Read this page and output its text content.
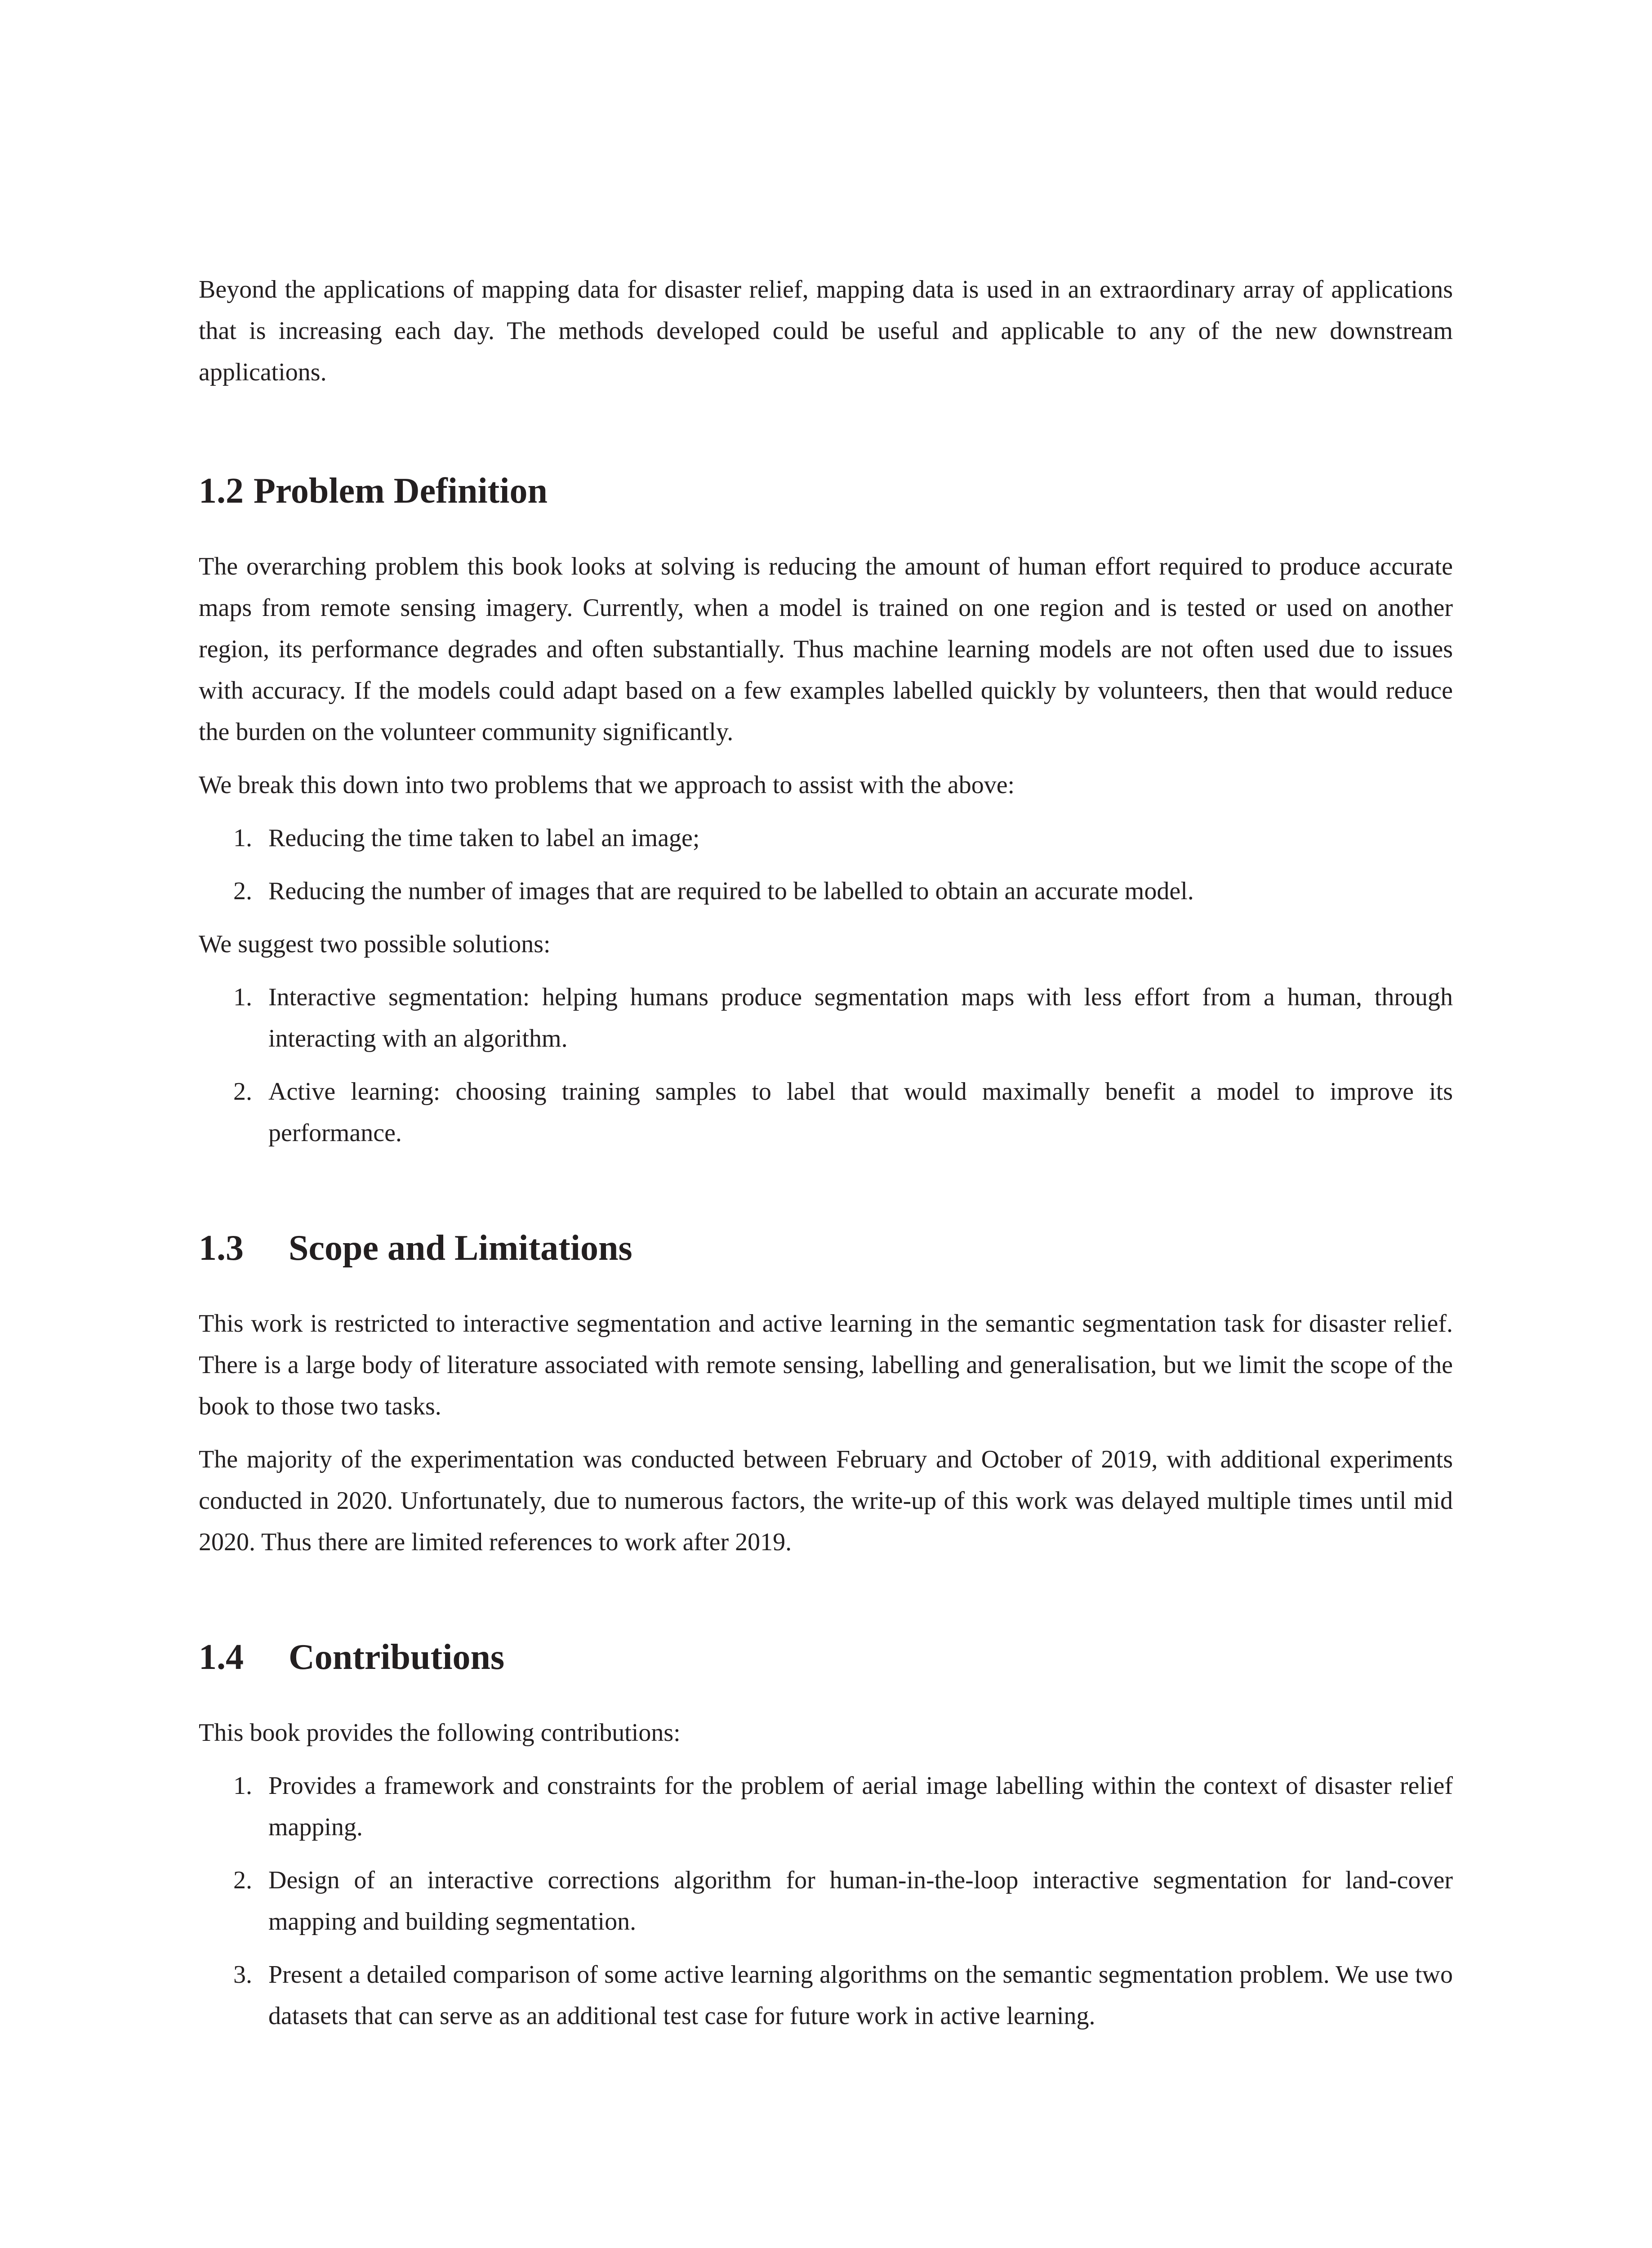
Beyond the applications of mapping data for disaster relief, mapping data is used in an extraordinary array of applications that is increasing each day. The methods developed could be useful and applicable to any of the new downstream applications.

1.2 Problem Definition

The overarching problem this book looks at solving is reducing the amount of human effort required to produce accurate maps from remote sensing imagery. Currently, when a model is trained on one region and is tested or used on another region, its performance degrades and often substantially. Thus machine learning models are not often used due to issues with accuracy. If the models could adapt based on a few examples labelled quickly by volunteers, then that would reduce the burden on the volunteer community significantly.

We break this down into two problems that we approach to assist with the above:

1. Reducing the time taken to label an image;
2. Reducing the number of images that are required to be labelled to obtain an accurate model.

We suggest two possible solutions:

1. Interactive segmentation: helping humans produce segmentation maps with less effort from a human, through interacting with an algorithm.
2. Active learning: choosing training samples to label that would maximally benefit a model to improve its performance.
1.3 Scope and Limitations

This work is restricted to interactive segmentation and active learning in the semantic segmentation task for disaster relief. There is a large body of literature associated with remote sensing, labelling and generalisation, but we limit the scope of the book to those two tasks.

The majority of the experimentation was conducted between February and October of 2019, with additional experiments conducted in 2020. Unfortunately, due to numerous factors, the write-up of this work was delayed multiple times until mid 2020. Thus there are limited references to work after 2019.

1.4 Contributions

This book provides the following contributions:

1. Provides a framework and constraints for the problem of aerial image labelling within the context of disaster relief mapping.
2. Design of an interactive corrections algorithm for human-in-the-loop interactive segmentation for land-cover mapping and building segmentation.
3. Present a detailed comparison of some active learning algorithms on the semantic segmentation problem. We use two datasets that can serve as an additional test case for future work in active learning.
